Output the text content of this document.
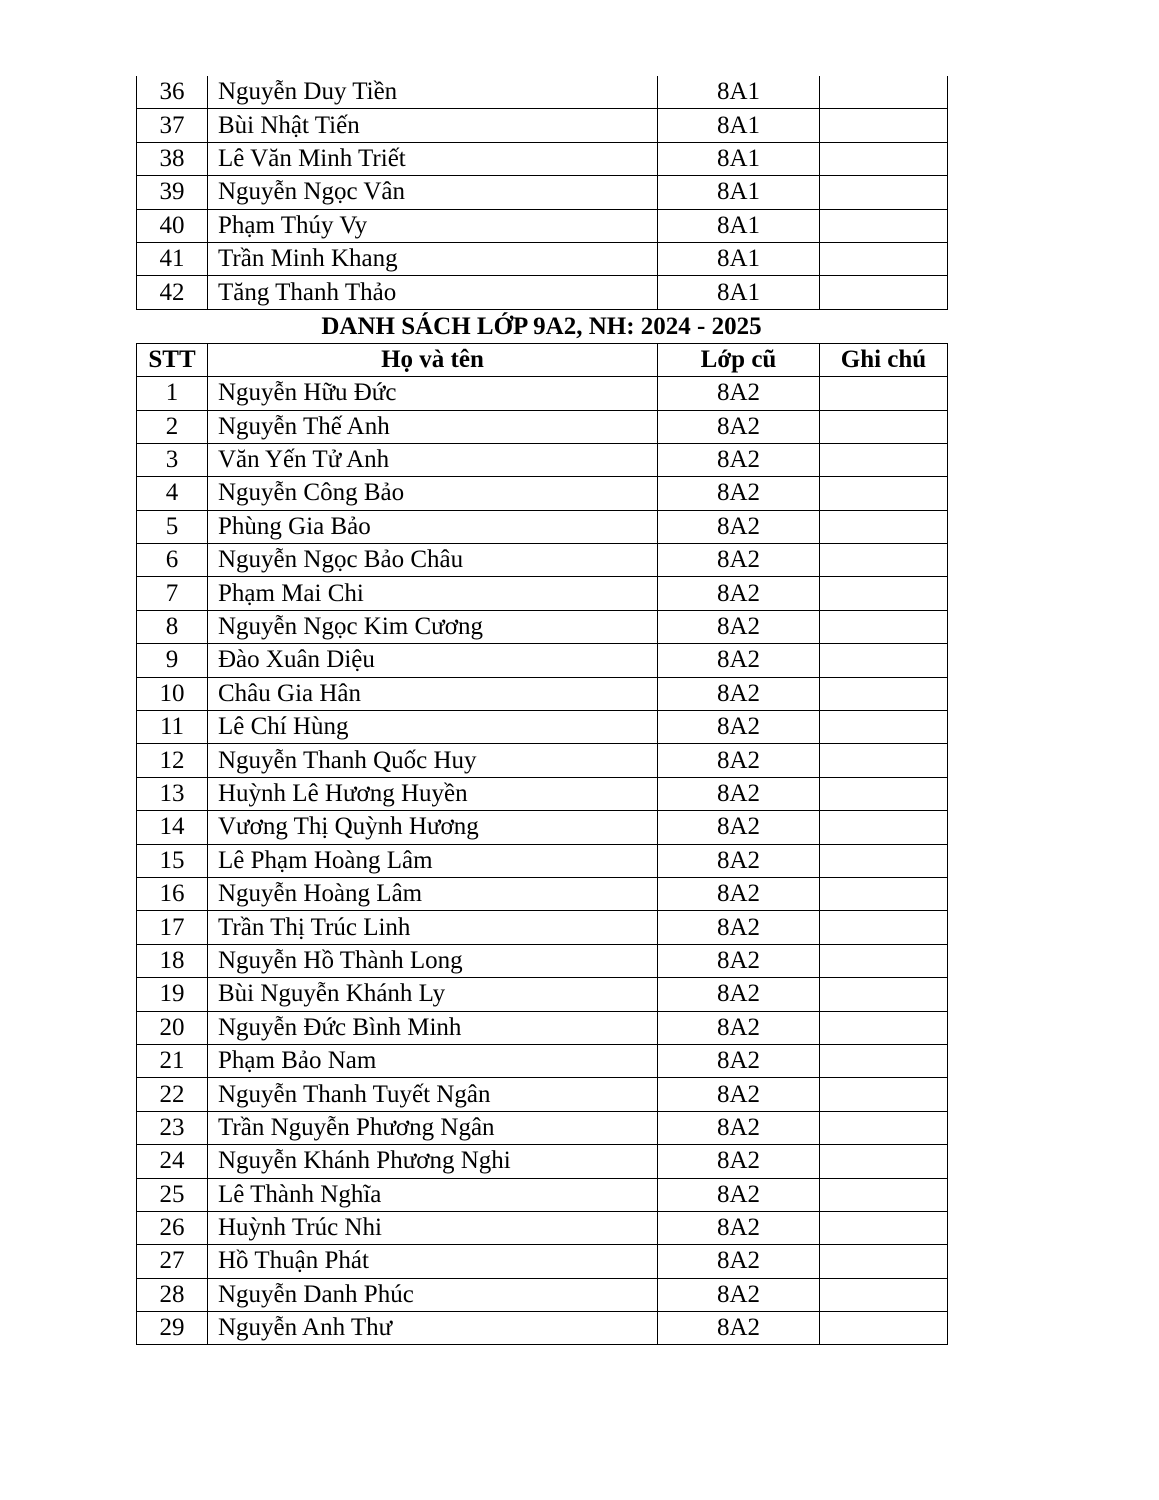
36	Nguyễn Duy Tiền	8A1	
37	Bùi Nhật Tiến	8A1	
38	Lê Văn Minh Triết	8A1	
39	Nguyễn Ngọc Vân	8A1	
40	Phạm Thúy Vy	8A1	
41	Trần Minh Khang	8A1	
42	Tăng Thanh Thảo	8A1	
DANH SÁCH LỚP 9A2, NH: 2024 - 2025
STT	Họ và tên	Lớp cũ	Ghi chú
1	Nguyễn Hữu Đức	8A2	
2	Nguyễn Thế Anh	8A2	
3	Văn Yến Tử Anh	8A2	
4	Nguyễn Công Bảo	8A2	
5	Phùng Gia Bảo	8A2	
6	Nguyễn Ngọc Bảo Châu	8A2	
7	Phạm Mai Chi	8A2	
8	Nguyễn Ngọc Kim Cương	8A2	
9	Đào Xuân Diệu	8A2	
10	Châu Gia Hân	8A2	
11	Lê Chí Hùng	8A2	
12	Nguyễn Thanh Quốc Huy	8A2	
13	Huỳnh Lê Hương Huyền	8A2	
14	Vương Thị Quỳnh Hương	8A2	
15	Lê Phạm Hoàng Lâm	8A2	
16	Nguyễn Hoàng Lâm	8A2	
17	Trần Thị Trúc Linh	8A2	
18	Nguyễn Hồ Thành Long	8A2	
19	Bùi Nguyễn Khánh Ly	8A2	
20	Nguyễn Đức Bình Minh	8A2	
21	Phạm Bảo Nam	8A2	
22	Nguyễn Thanh Tuyết Ngân	8A2	
23	Trần Nguyễn Phương Ngân	8A2	
24	Nguyễn Khánh Phương Nghi	8A2	
25	Lê Thành Nghĩa	8A2	
26	Huỳnh Trúc Nhi	8A2	
27	Hồ Thuận Phát	8A2	
28	Nguyễn Danh Phúc	8A2	
29	Nguyễn Anh Thư	8A2	
